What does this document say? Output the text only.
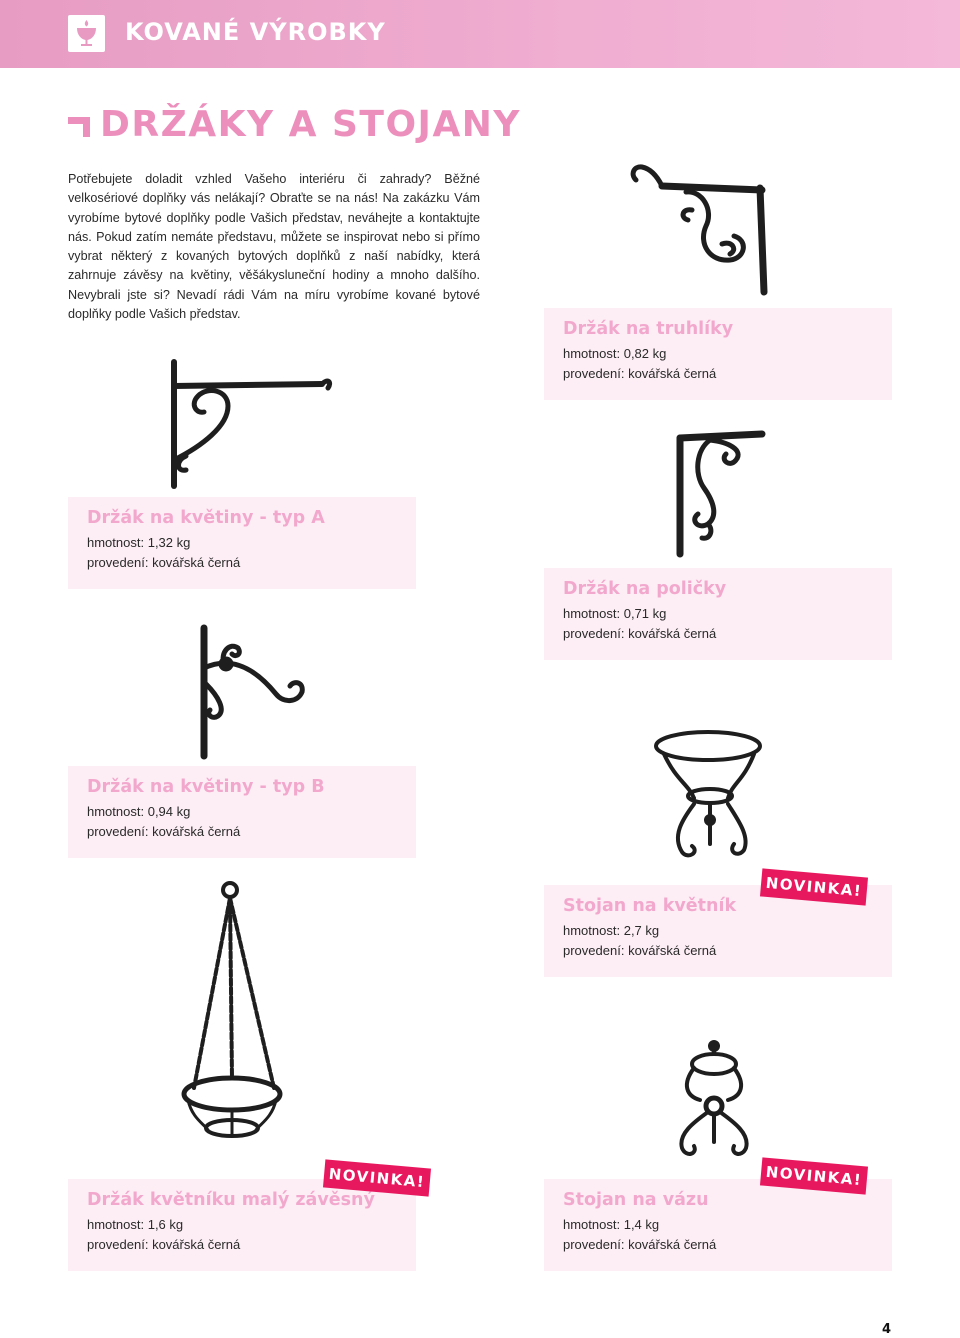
KOVANÉ VÝROBKY
DRŽÁKY A STOJANY
Potřebujete doladit vzhled Vašeho interiéru či zahrady? Běžné velkosériové doplňky vás nelákají? Obraťte se na nás! Na zakázku Vám vyrobíme bytové doplňky podle Vašich představ, neváhejte a kontaktujte nás. Pokud zatím nemáte představu, můžete se inspirovat nebo si přímo vybrat některý z kovaných bytových doplňků z naší nabídky, která zahrnuje závěsy na květiny, věšákysluneční hodiny a mnoho dalšího. Nevybrali jste si? Nevadí rádi Vám na míru vyrobíme kované bytové doplňky podle Vašich představ.
Držák na truhlíky
hmotnost: 0,82 kg
provedení: kovářská černá
Držák na květiny - typ A
hmotnost: 1,32 kg
provedení: kovářská černá
Držák na poličky
hmotnost: 0,71 kg
provedení: kovářská černá
Držák na květiny - typ B
hmotnost: 0,94 kg
provedení: kovářská černá
Stojan na květník
hmotnost: 2,7 kg
provedení: kovářská černá
NOVINKA!
Držák květníku malý závěsný
hmotnost: 1,6 kg
provedení: kovářská černá
NOVINKA!
Stojan na vázu
hmotnost: 1,4 kg
provedení: kovářská černá
NOVINKA!
4
